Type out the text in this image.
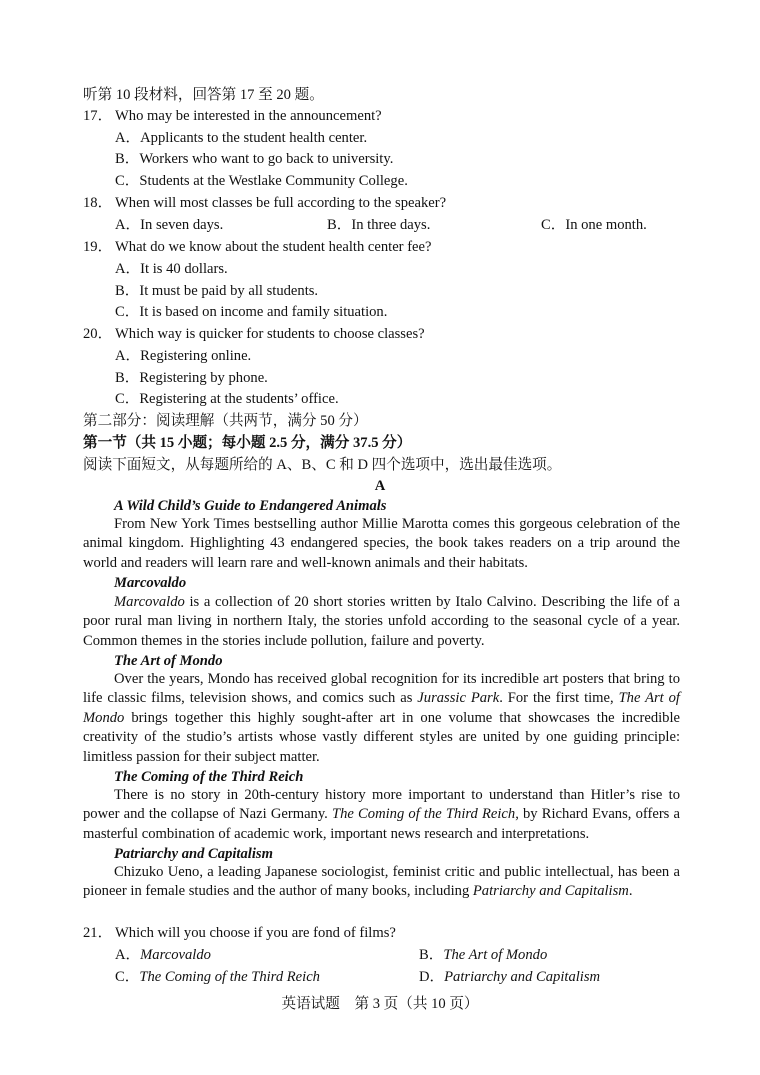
听第 10 段材料，回答第 17 至 20 题。
17． Who may be interested in the announcement?
A．Applicants to the student health center.
B．Workers who want to go back to university.
C．Students at the Westlake Community College.
18． When will most classes be full according to the speaker?
A．In seven days.	B．In three days.	C．In one month.
19． What do we know about the student health center fee?
A．It is 40 dollars.
B．It must be paid by all students.
C．It is based on income and family situation.
20． Which way is quicker for students to choose classes?
A．Registering online.
B．Registering by phone.
C．Registering at the students’ office.
第二部分：阅读理解（共两节，满分 50 分）
第一节（共 15 小题；每小题 2.5 分，满分 37.5 分）
阅读下面短文，从每题所给的 A、B、C 和 D 四个选项中，选出最佳选项。
A
A Wild Child’s Guide to Endangered Animals
From New York Times bestselling author Millie Marotta comes this gorgeous celebration of the animal kingdom. Highlighting 43 endangered species, the book takes readers on a trip around the world and readers will learn rare and well-known animals and their habitats.
Marcovaldo
Marcovaldo is a collection of 20 short stories written by Italo Calvino. Describing the life of a poor rural man living in northern Italy, the stories unfold according to the seasonal cycle of a year. Common themes in the stories include pollution, failure and poverty.
The Art of Mondo
Over the years, Mondo has received global recognition for its incredible art posters that bring to life classic films, television shows, and comics such as Jurassic Park. For the first time, The Art of Mondo brings together this highly sought-after art in one volume that showcases the incredible creativity of the studio’s artists whose vastly different styles are united by one guiding principle: limitless passion for their subject matter.
The Coming of the Third Reich
There is no story in 20th-century history more important to understand than Hitler’s rise to power and the collapse of Nazi Germany. The Coming of the Third Reich, by Richard Evans, offers a masterful combination of academic work, important news research and interpretations.
Patriarchy and Capitalism
Chizuko Ueno, a leading Japanese sociologist, feminist critic and public intellectual, has been a pioneer in female studies and the author of many books, including Patriarchy and Capitalism.
21． Which will you choose if you are fond of films?
A．Marcovaldo	B．The Art of Mondo
C．The Coming of the Third Reich	D．Patriarchy and Capitalism
英语试题　第 3 页（共 10 页）
